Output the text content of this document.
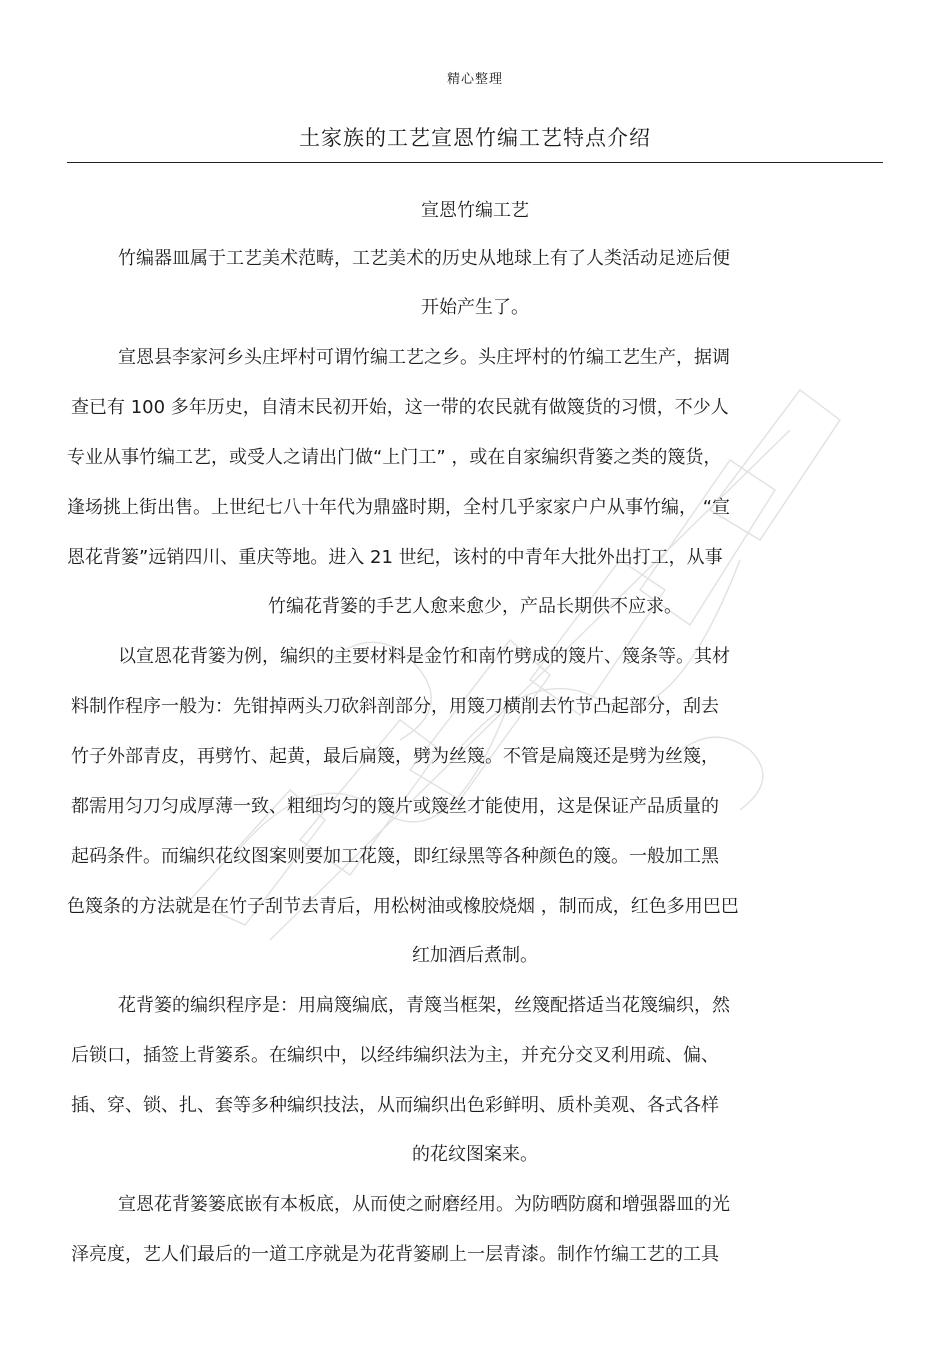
精心整理
土家族的工艺宣恩竹编工艺特点介绍
宣恩竹编工艺
竹编器皿属于工艺美术范畴，工艺美术的历史从地球上有了人类活动足迹后便
开始产生了。
宣恩县李家河乡头庄坪村可谓竹编工艺之乡。头庄坪村的竹编工艺生产，据调
查已有 100 多年历史，自清末民初开始，这一带的农民就有做篾货的习惯，不少人
专业从事竹编工艺，或受人之请出门做“上门工” ，或在自家编织背篓之类的篾货，
逢场挑上街出售。上世纪七八十年代为鼎盛时期，全村几乎家家户户从事竹编， “宣
恩花背篓”远销四川、重庆等地。进入 21 世纪，该村的中青年大批外出打工，从事
竹编花背篓的手艺人愈来愈少，产品长期供不应求。
以宣恩花背篓为例，编织的主要材料是金竹和南竹劈成的篾片、篾条等。其材
料制作程序一般为：先钳掉两头刀砍斜剖部分，用篾刀横削去竹节凸起部分，刮去
竹子外部青皮，再劈竹、起黄，最后扁篾，劈为丝篾。不管是扁篾还是劈为丝篾，
都需用匀刀匀成厚薄一致、粗细均匀的篾片或篾丝才能使用，这是保证产品质量的
起码条件。而编织花纹图案则要加工花篾，即红绿黑等各种颜色的篾。一般加工黑
色篾条的方法就是在竹子刮节去青后，用松树油或橡胶烧烟 ，制而成，红色多用巴巴
红加酒后煮制。
花背篓的编织程序是：用扁篾编底，青篾当框架，丝篾配搭适当花篾编织，然
后锁口，插签上背篓系。在编织中，以经纬编织法为主，并充分交叉利用疏、偏、
插、穿、锁、扎、套等多种编织技法，从而编织出色彩鲜明、质朴美观、各式各样
的花纹图案来。
宣恩花背篓篓底嵌有本板底，从而使之耐磨经用。为防晒防腐和增强器皿的光
泽亮度，艺人们最后的一道工序就是为花背篓刷上一层青漆。制作竹编工艺的工具
